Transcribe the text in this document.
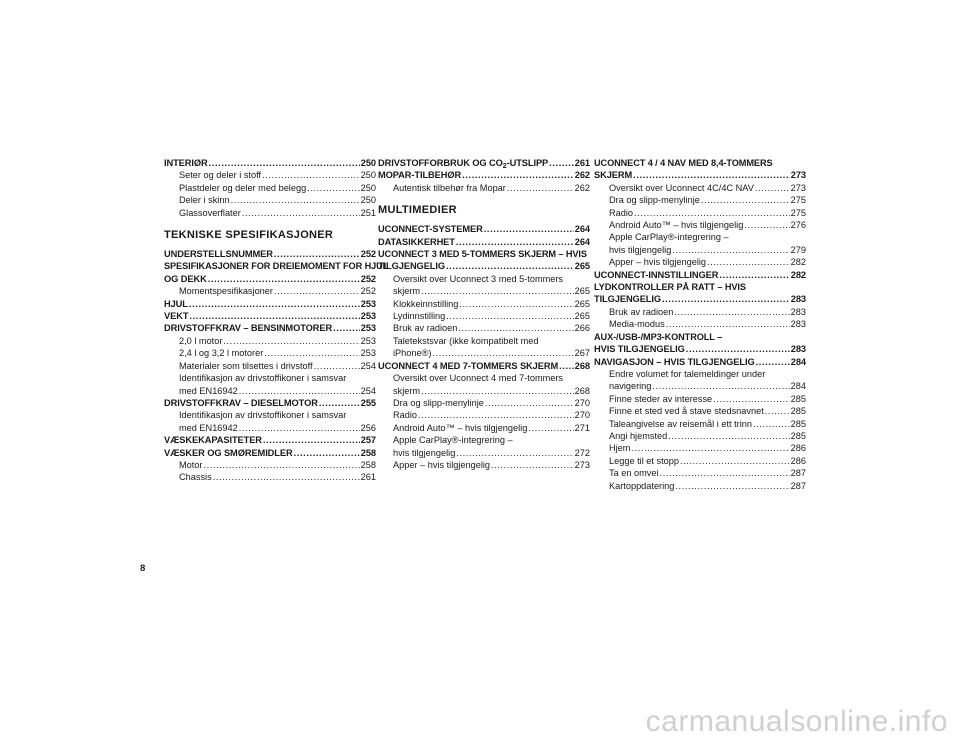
INTERIØR .....	250
Seter og deler i stoff .....	250
Plastdeler og deler med belegg .....	250
Deler i skinn .....	250
Glassoverflater .....	251
TEKNISKE SPESIFIKASJONER
UNDERSTELLSNUMMER .....	252
SPESIFIKASJONER FOR DREIEMOMENT FOR HJUL
OG DEKK .....	252
Momentspesifikasjoner .....	252
HJUL .....	253
VEKT .....	253
DRIVSTOFFKRAV – BENSINMOTORER .....	253
2,0 l motor .....	253
2,4 l og 3,2 l motorer .....	253
Materialer som tilsettes i drivstoff .....	254
Identifikasjon av drivstoffikoner i samsvar
med EN16942 .....	254
DRIVSTOFFKRAV – DIESELMOTOR .....	255
Identifikasjon av drivstoffikoner i samsvar
med EN16942 .....	256
VÆSKEKAPASITETER .....	257
VÆSKER OG SMØREMIDLER .....	258
Motor .....	258
Chassis .....	261
DRIVSTOFFORBRUK OG $CO_2$-UTSLIPP .....	261
MOPAR-TILBEHØR .....	262
Autentisk tilbehør fra Mopar .....	262
MULTIMEDIER
UCONNECT-SYSTEMER .....	264
DATASIKKERHET .....	264
UCONNECT 3 MED 5-TOMMERS SKJERM – HVIS
TILGJENGELIG .....	265
Oversikt over Uconnect 3 med 5-tommers
skjerm .....	265
Klokkeinnstilling .....	265
Lydinnstilling .....	265
Bruk av radioen .....	266
Taletekstsvar (ikke kompatibelt med
iPhone®) .....	267
UCONNECT 4 MED 7-TOMMERS SKJERM ..... 268
Oversikt over Uconnect 4 med 7-tommers
skjerm .....	268
Dra og slipp-menylinje .....	270
Radio .....	270
Android Auto™ – hvis tilgjengelig .....	271
Apple CarPlay®-integrering –
hvis tilgjengelig .....	272
Apper – hvis tilgjengelig .....	273
UCONNECT 4 / 4 NAV MED 8,4-TOMMERS
SKJERM .....	273
Oversikt over Uconnect 4C/4C NAV .....	273
Dra og slipp-menylinje .....	275
Radio .....	275
Android Auto™ – hvis tilgjengelig .....	276
Apple CarPlay®-integrering –
hvis tilgjengelig .....	279
Apper – hvis tilgjengelig .....	282
UCONNECT-INNSTILLINGER .....	282
LYDKONTROLLER PÅ RATT – HVIS
TILGJENGELIG .....	283
Bruk av radioen .....	283
Media-modus .....	283
AUX-/USB-/MP3-KONTROLL –
HVIS TILGJENGELIG .....	283
NAVIGASJON – HVIS TILGJENGELIG .....	284
Endre volumet for talemeldinger under
navigering .....	284
Finne steder av interesse .....	285
Finne et sted ved å stave stedsnavnet .....	285
Taleangivelse av reisemål i ett trinn .....	285
Angi hjemsted .....	285
Hjem .....	286
Legge til et stopp .....	286
Ta en omvei .....	287
Kartoppdatering .....	287
8
carmanualsonline.info
